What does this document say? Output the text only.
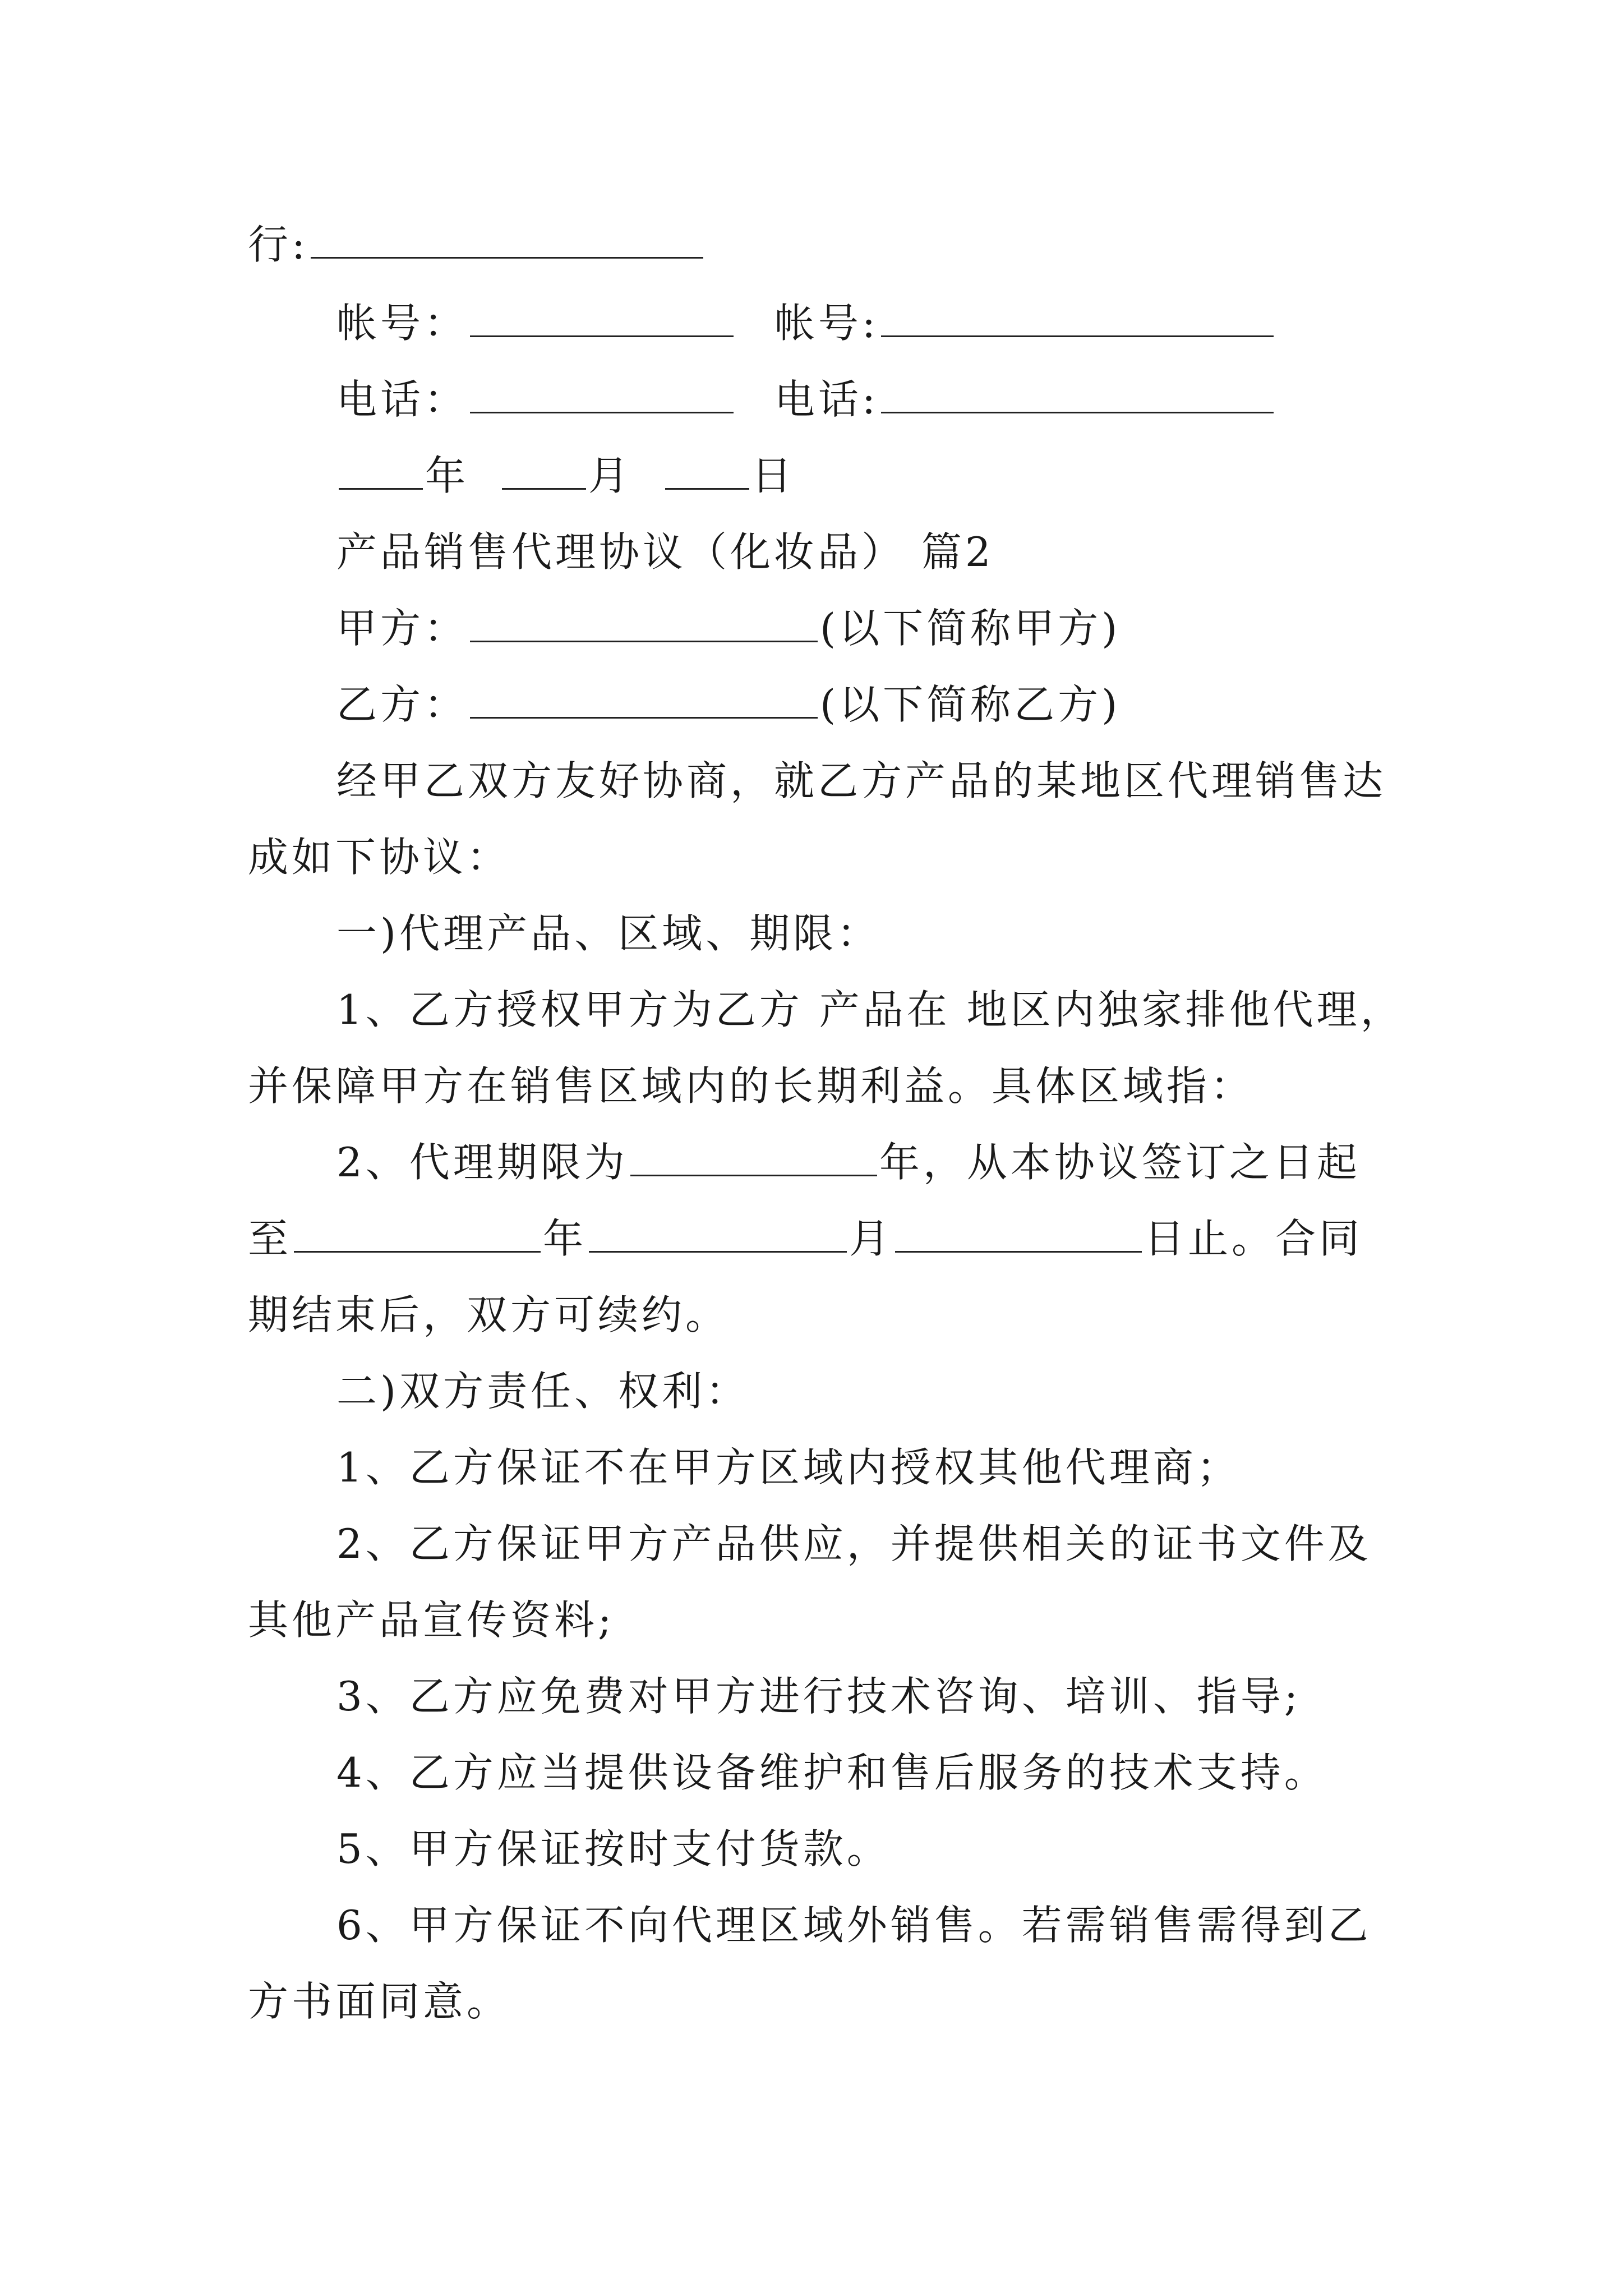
行:
帐号：	帐号:
电话：	电话:
年	月	日
产品销售代理协议（化妆品） 篇2
甲方：	(以下简称甲方)
乙方：	(以下简称乙方)
经甲乙双方友好协商，就乙方产品的某地区代理销售达
成如下协议：
一)代理产品、区域、期限：
1、乙方授权甲方为乙方 产品在 地区内独家排他代理，
并保障甲方在销售区域内的长期利益。具体区域指：
2、代理期限为	年，从本协议签订之日起
至	年	月	日止。合同
期结束后，双方可续约。
二)双方责任、权利：
1、乙方保证不在甲方区域内授权其他代理商；
2、乙方保证甲方产品供应，并提供相关的证书文件及
其他产品宣传资料;
3、乙方应免费对甲方进行技术咨询、培训、指导;
4、乙方应当提供设备维护和售后服务的技术支持。
5、甲方保证按时支付货款。
6、甲方保证不向代理区域外销售。若需销售需得到乙
方书面同意。
